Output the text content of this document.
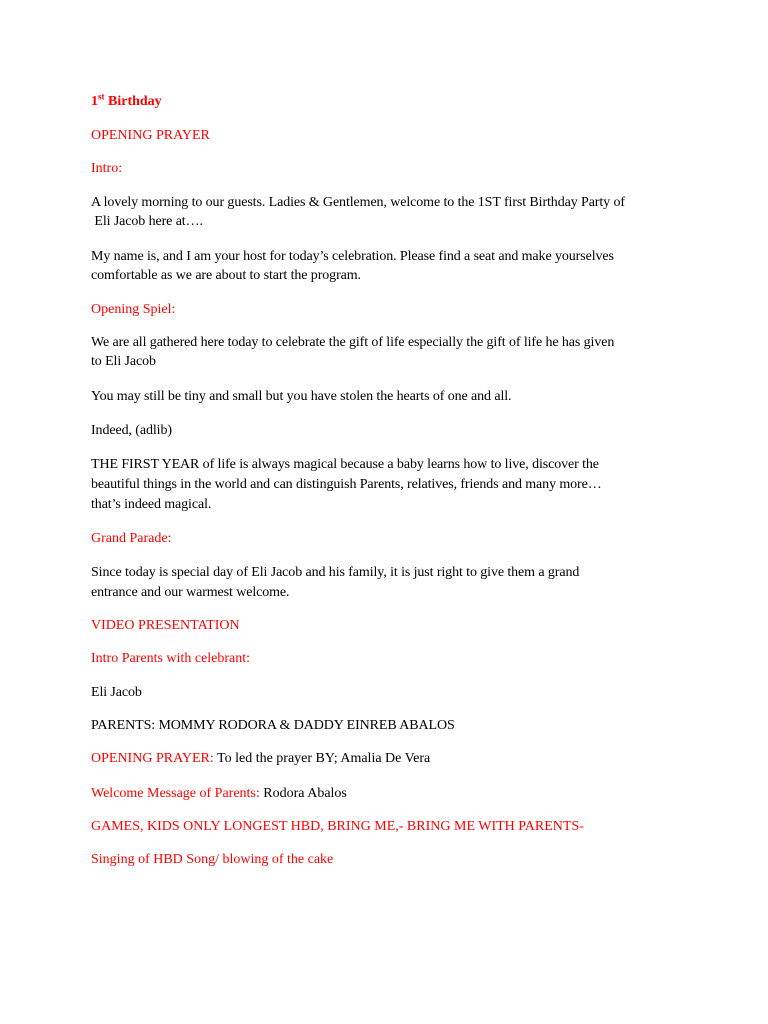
1st Birthday

OPENING PRAYER

Intro:

A lovely morning to our guests. Ladies & Gentlemen, welcome to the 1ST first Birthday Party of

Eli Jacob here at….

My name is, and I am your host for today’s celebration. Please find a seat and make yourselves

comfortable as we are about to start the program.

Opening Spiel:

We are all gathered here today to celebrate the gift of life especially the gift of life he has given

to Eli Jacob

You may still be tiny and small but you have stolen the hearts of one and all.

Indeed, (adlib)

THE FIRST YEAR of life is always magical because a baby learns how to live, discover the

beautiful things in the world and can distinguish Parents, relatives, friends and many more…

that’s indeed magical.

Grand Parade:

Since today is special day of Eli Jacob and his family, it is just right to give them a grand

entrance and our warmest welcome.

VIDEO PRESENTATION

Intro Parents with celebrant:

Eli Jacob

PARENTS: MOMMY RODORA & DADDY EINREB ABALOS

OPENING PRAYER: To led the prayer BY; Amalia De Vera

Welcome Message of Parents: Rodora Abalos

GAMES, KIDS ONLY LONGEST HBD, BRING ME,- BRING ME WITH PARENTS-

Singing of HBD Song/ blowing of the cake
